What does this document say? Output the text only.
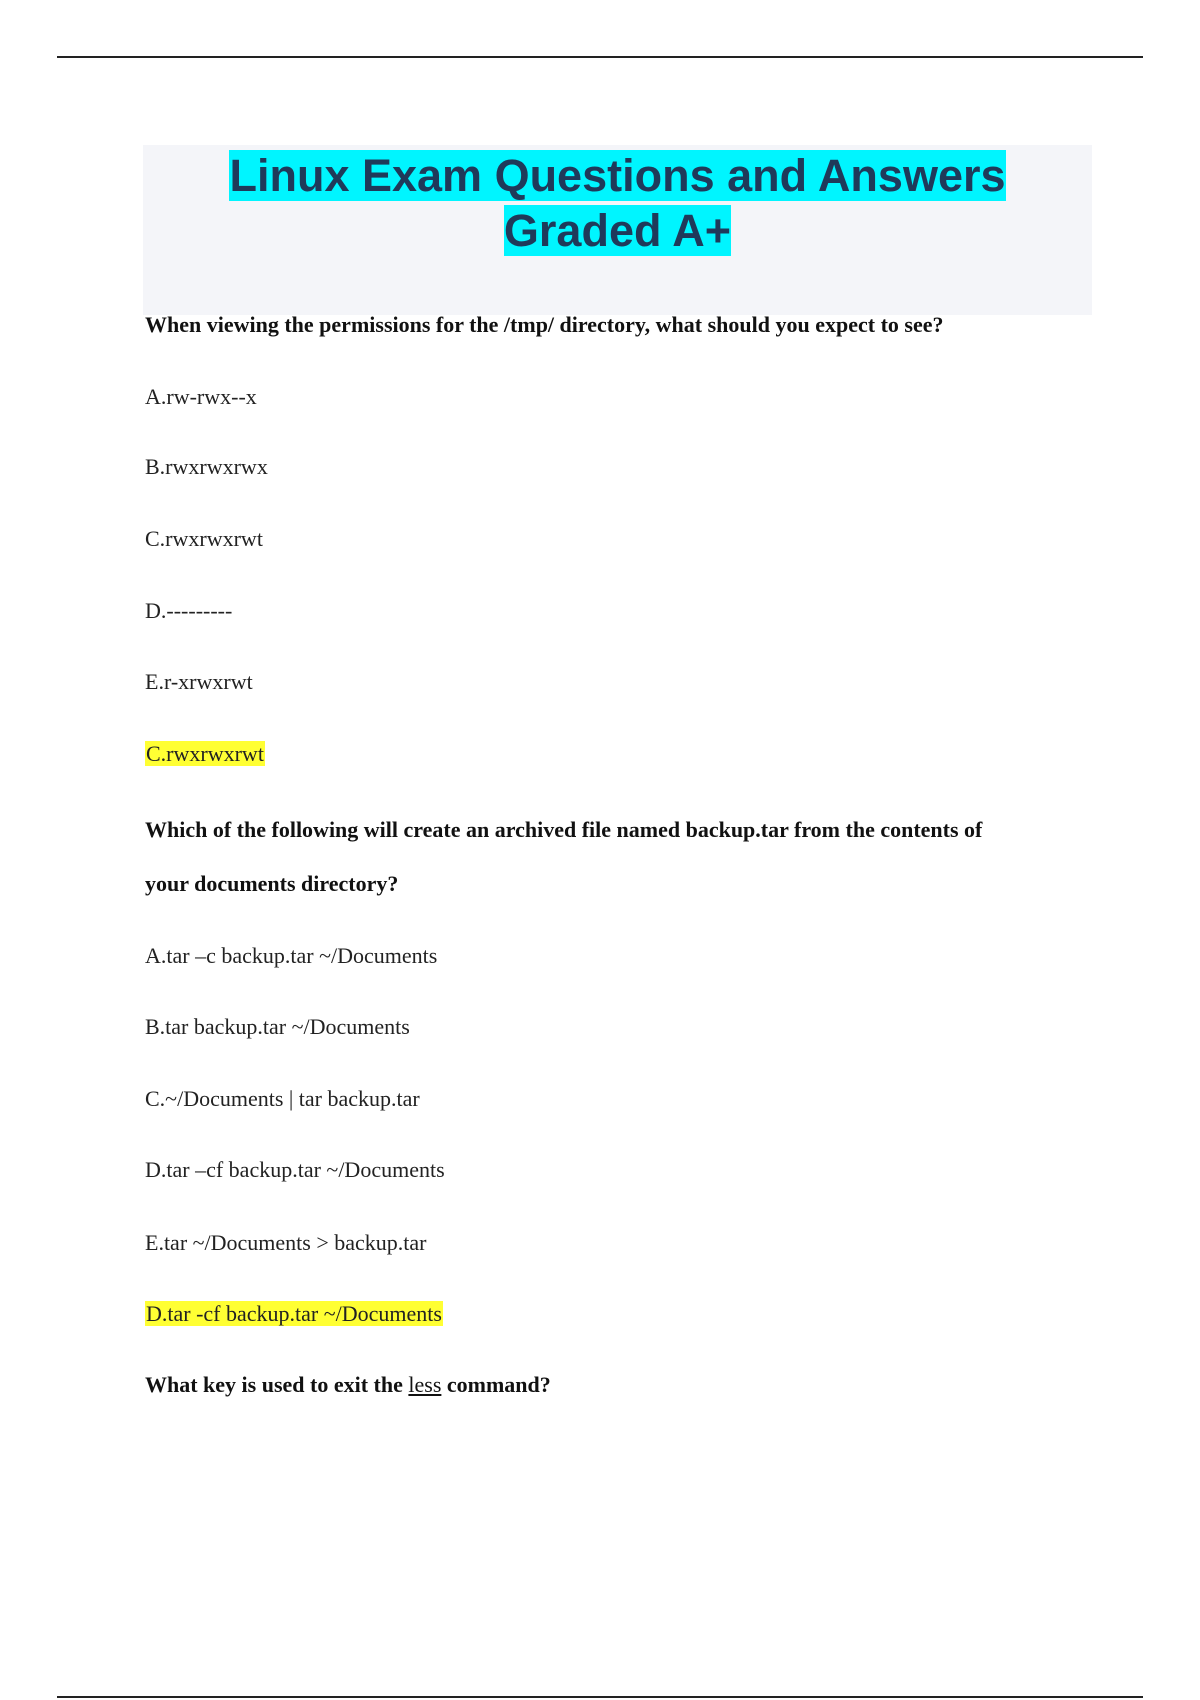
Linux Exam Questions and Answers Graded A+
When viewing the permissions for the /tmp/ directory, what should you expect to see?
A.rw-rwx--x
B.rwxrwxrwx
C.rwxrwxrwt
D.---------
E.r-xrwxrwt
C.rwxrwxrwt
Which of the following will create an archived file named backup.tar from the contents of
your documents directory?
A.tar –c backup.tar ~/Documents
B.tar backup.tar ~/Documents
C.~/Documents | tar backup.tar
D.tar –cf backup.tar ~/Documents
E.tar ~/Documents > backup.tar
D.tar -cf backup.tar ~/Documents
What key is used to exit the less command?
